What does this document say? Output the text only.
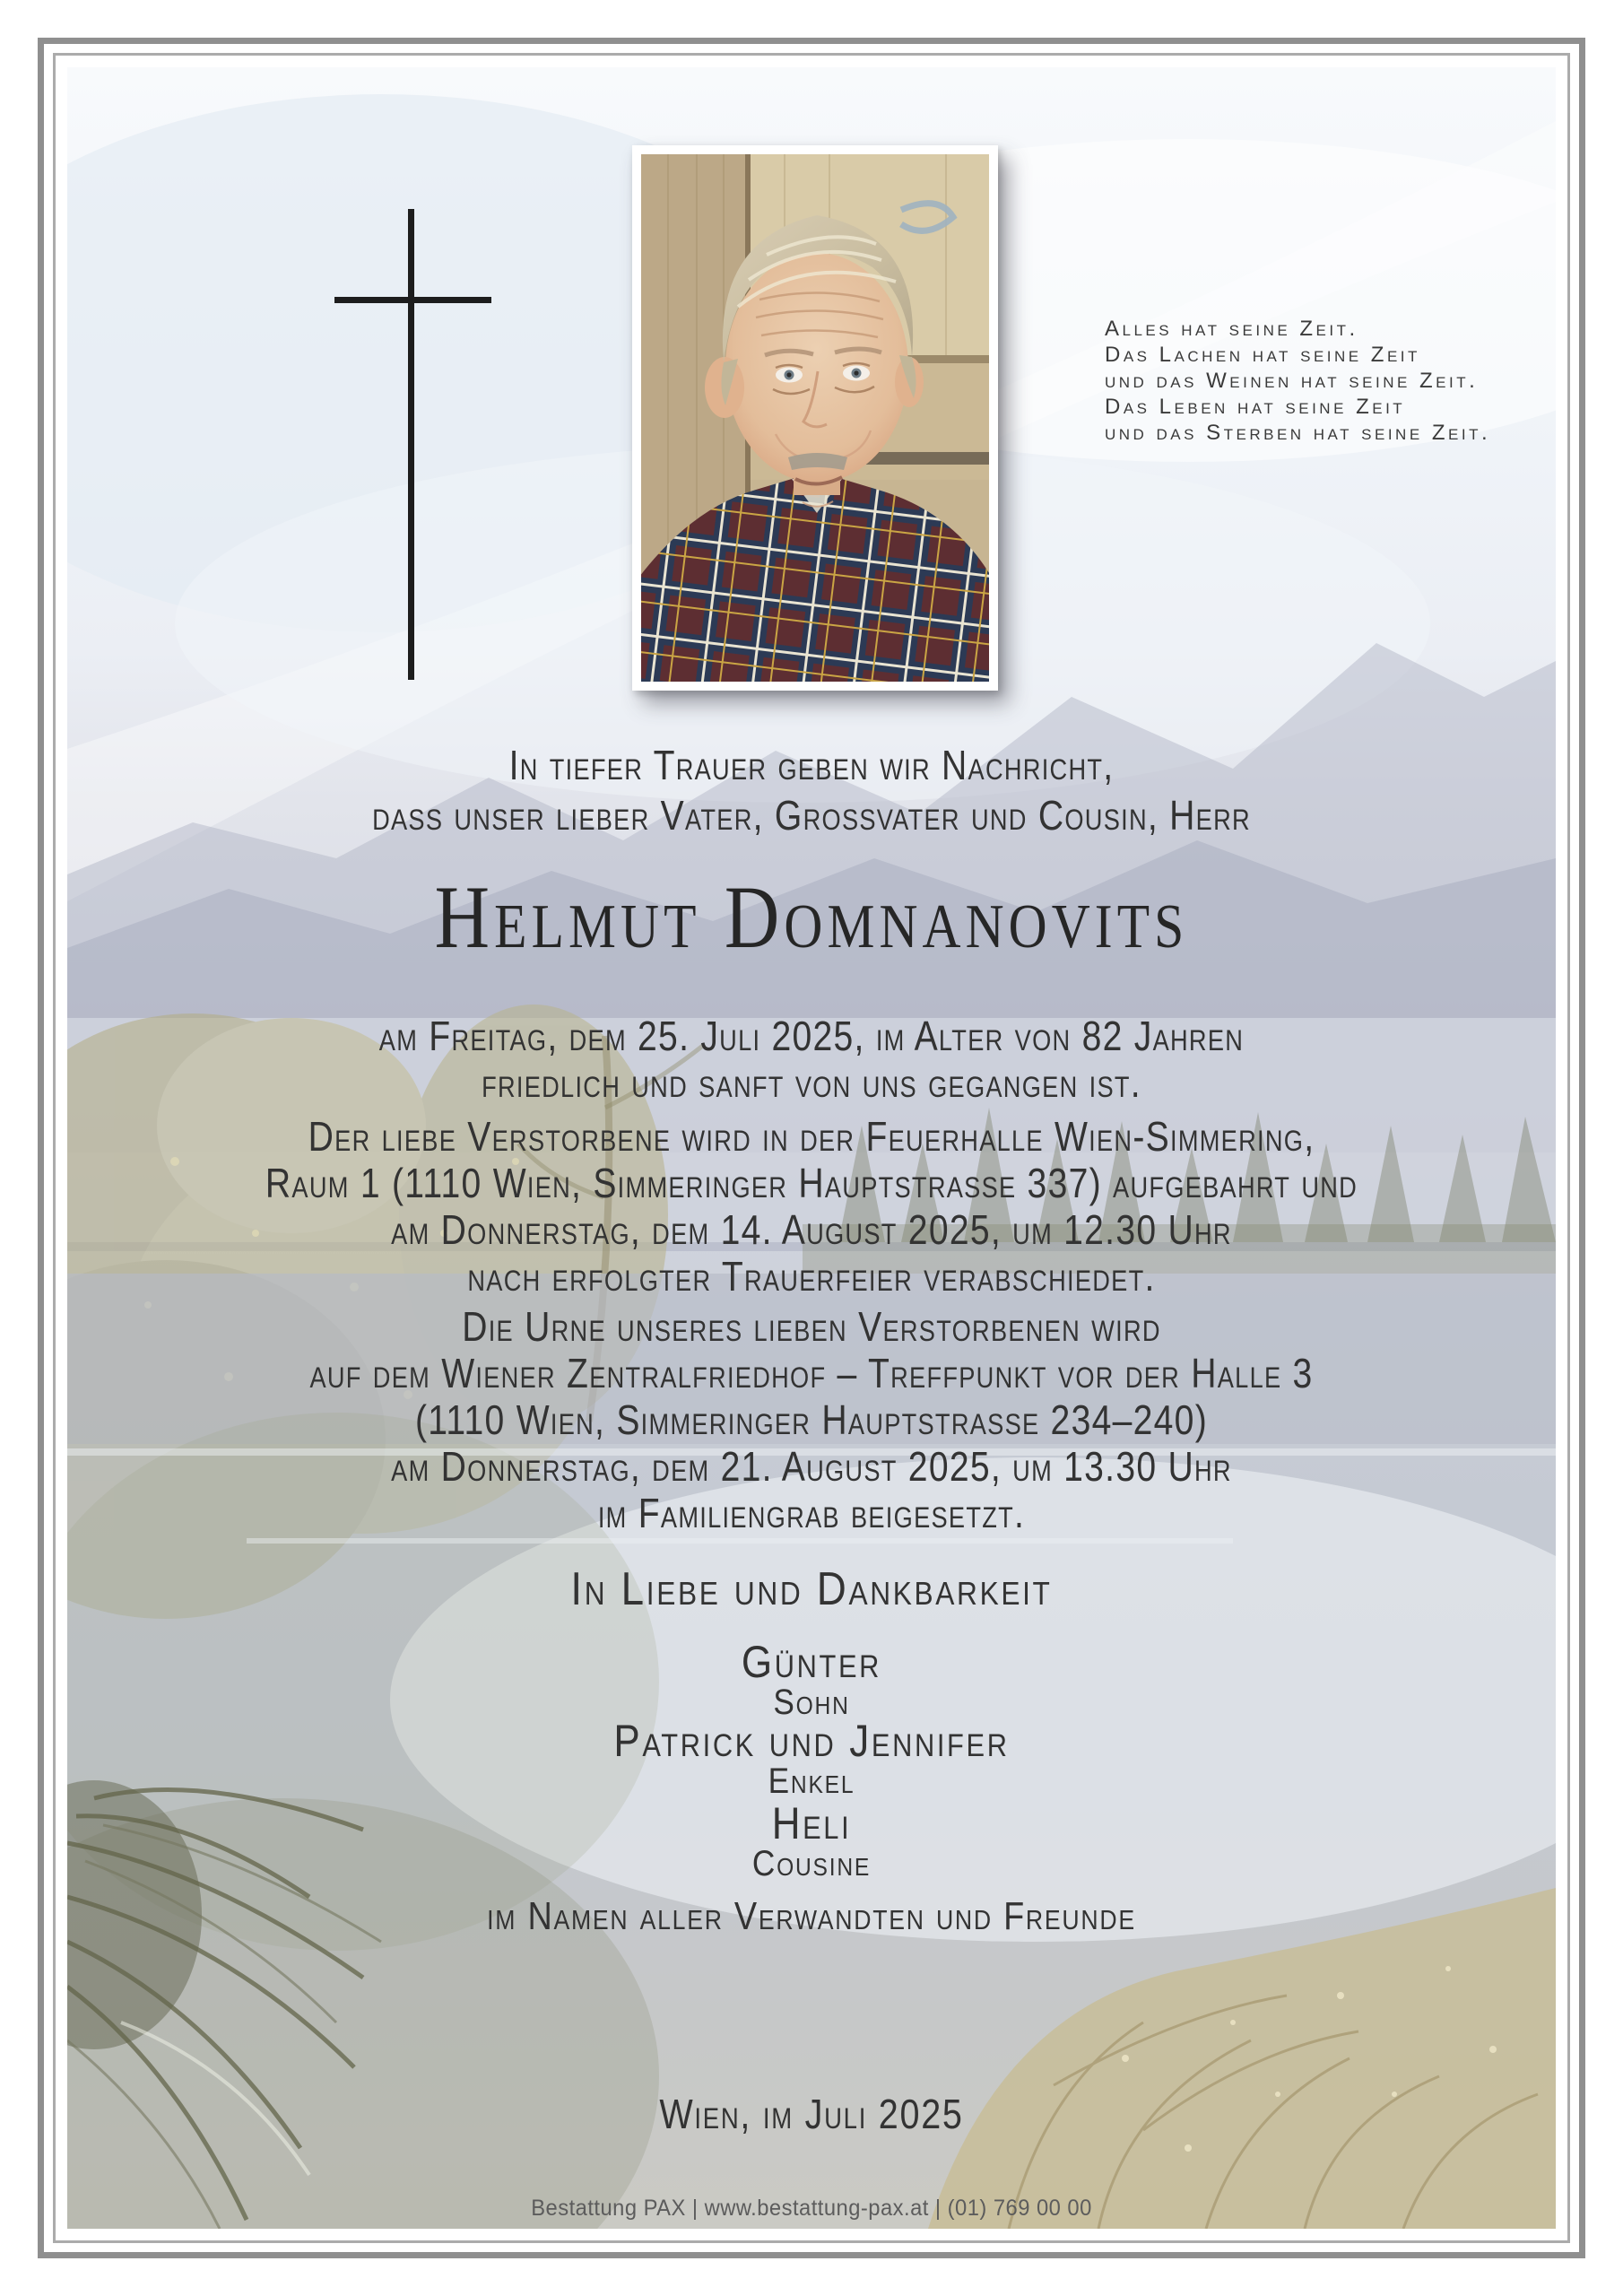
Alles hat seine Zeit.
Das Lachen hat seine Zeit
und das Weinen hat seine Zeit.
Das Leben hat seine Zeit
und das Sterben hat seine Zeit.
In tiefer Trauer geben wir Nachricht,
dass unser lieber Vater, Grossvater und Cousin, Herr
Helmut Domnanovits
am Freitag, dem 25. Juli 2025, im Alter von 82 Jahren
friedlich und sanft von uns gegangen ist.
Der liebe Verstorbene wird in der Feuerhalle Wien-Simmering,
Raum 1 (1110 Wien, Simmeringer Hauptstrasse 337) aufgebahrt und
am Donnerstag, dem 14. August 2025, um 12.30 Uhr
nach erfolgter Trauerfeier verabschiedet.
Die Urne unseres lieben Verstorbenen wird
auf dem Wiener Zentralfriedhof – Treffpunkt vor der Halle 3
(1110 Wien, Simmeringer Hauptstrasse 234–240)
am Donnerstag, dem 21. August 2025, um 13.30 Uhr
im Familiengrab beigesetzt.
In Liebe und Dankbarkeit
Günter
Sohn
Patrick und Jennifer
Enkel
Heli
Cousine
im Namen aller Verwandten und Freunde
Wien, im Juli 2025
Bestattung PAX | www.bestattung-pax.at | (01) 769 00 00
